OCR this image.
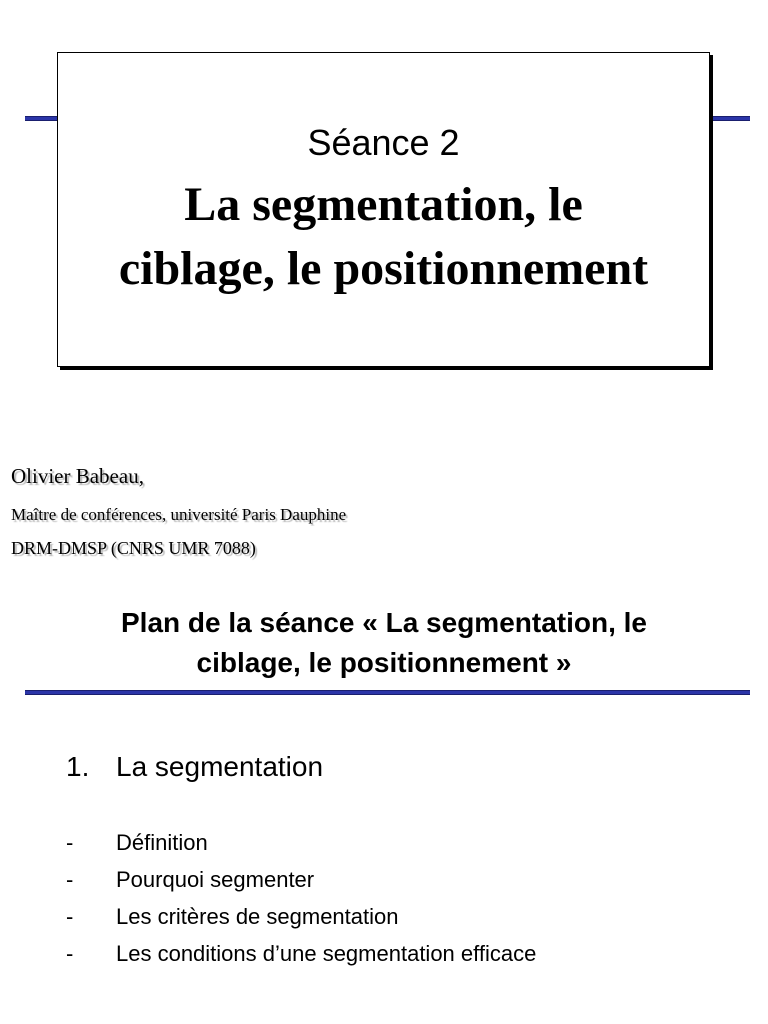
Séance 2
La segmentation, le
ciblage, le positionnement
Olivier Babeau,
Maître de conférences, université Paris Dauphine
DRM-DMSP (CNRS UMR 7088)
Plan de la séance « La segmentation, le
ciblage, le positionnement »
1. La segmentation
-	Définition
-	Pourquoi segmenter
-	Les critères de segmentation
-	Les conditions d’une segmentation efficace
